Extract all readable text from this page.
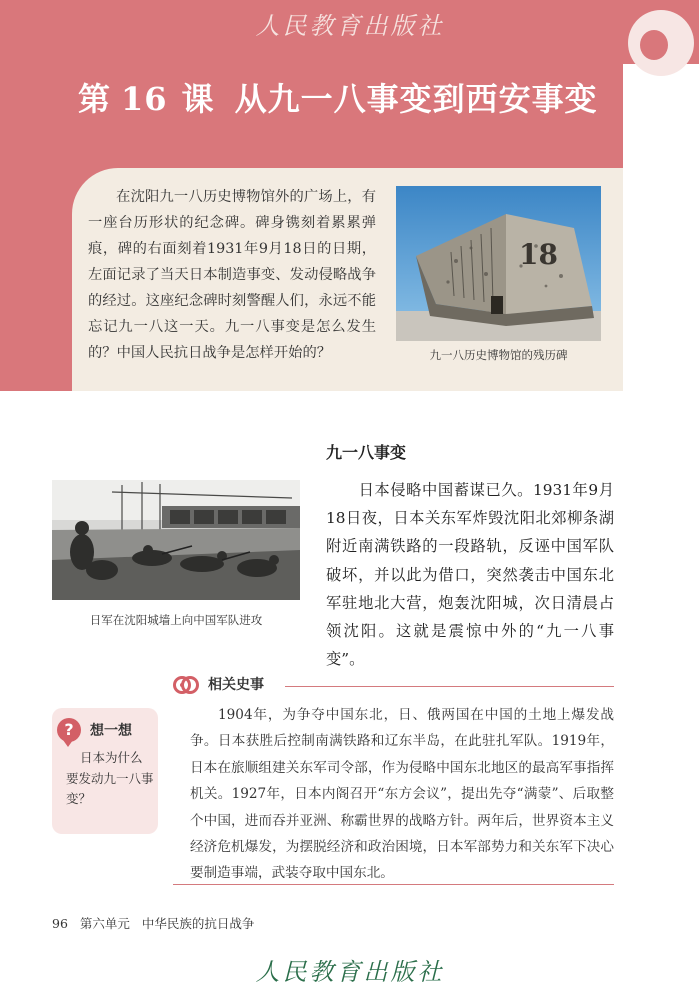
人民教育出版社
第 16 课 从九一八事变到西安事变
在沈阳九一八历史博物馆外的广场上，有一座台历形状的纪念碑。碑身镌刻着累累弹痕，碑的右面刻着1931年9月18日的日期，左面记录了当天日本制造事变、发动侵略战争的经过。这座纪念碑时刻警醒人们，永远不能忘记九一八这一天。九一八事变是怎么发生的？中国人民抗日战争是怎样开始的？
18
九一八历史博物馆的残历碑
九一八事变
日本侵略中国蓄谋已久。1931年9月18日夜，日本关东军炸毁沈阳北郊柳条湖附近南满铁路的一段路轨，反诬中国军队破坏，并以此为借口，突然袭击中国东北军驻地北大营，炮轰沈阳城，次日清晨占领沈阳。这就是震惊中外的“九一八事变”。
日军在沈阳城墙上向中国军队进攻
相关史事
1904年，为争夺中国东北，日、俄两国在中国的土地上爆发战争。日本获胜后控制南满铁路和辽东半岛，在此驻扎军队。1919年，日本在旅顺组建关东军司令部，作为侵略中国东北地区的最高军事指挥机关。1927年，日本内阁召开“东方会议”，提出先夺“满蒙”、后取整个中国，进而吞并亚洲、称霸世界的战略方针。两年后，世界资本主义经济危机爆发，为摆脱经济和政治困境，日本军部势力和关东军下决心要制造事端，武装夺取中国东北。
?	想一想
日本为什么要发动九一八事变？
96 第六单元 中华民族的抗日战争
人民教育出版社
